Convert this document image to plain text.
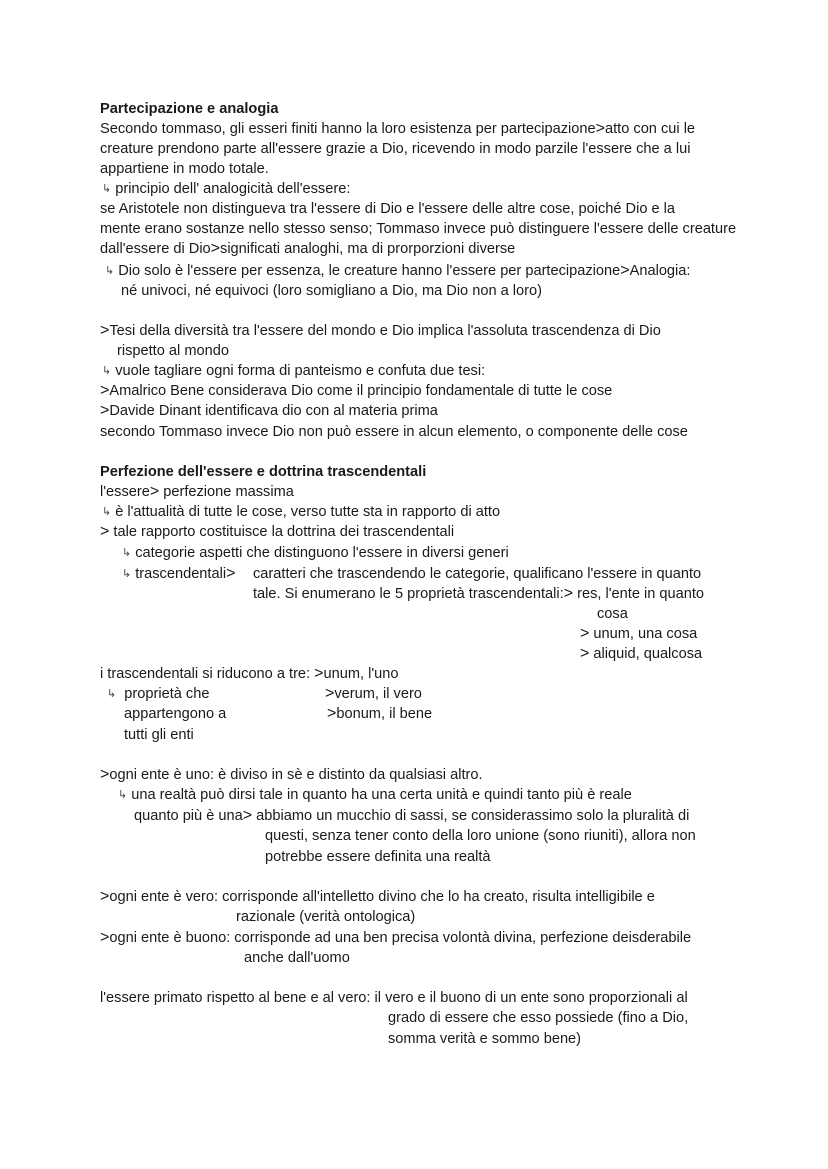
Partecipazione e analogia
Secondo tommaso, gli esseri finiti hanno la loro esistenza per partecipazione>atto con cui le
creature prendono parte all'essere grazie a Dio, ricevendo in modo parzile l'essere che a lui
appartiene in modo totale.
↳ principio dell' analogicità dell'essere:
se Aristotele non distingueva tra l'essere di Dio e l'essere delle altre cose, poiché Dio e la
mente erano sostanze nello stesso senso; Tommaso invece può distinguere l'essere delle creature
dall'essere di Dio>significati analoghi, ma di prorporzioni diverse
↳ Dio solo è l'essere per essenza, le creature hanno l'essere per partecipazione>Analogia:
né univoci, né equivoci (loro somigliano a Dio, ma Dio non a loro)
>Tesi della diversità tra l'essere del mondo e Dio implica l'assoluta trascendenza di Dio
rispetto al mondo
↳ vuole tagliare ogni forma di panteismo e confuta due tesi:
>Amalrico Bene considerava Dio come il principio fondamentale di tutte le cose
>Davide Dinant identificava dio con al materia prima
secondo Tommaso invece Dio non può essere in alcun elemento, o componente delle cose
Perfezione dell'essere e dottrina trascendentali
l'essere> perfezione massima
↳ è l'attualità di tutte le cose, verso tutte sta in rapporto di atto
> tale rapporto costituisce la dottrina dei trascendentali
↳ categorie aspetti che distinguono l'essere in diversi generi
↳ trascendentali> caratteri che trascendendo le categorie, qualificano l'essere in quanto
tale. Si enumerano le 5 proprietà trascendentali:> res, l'ente in quanto
cosa
> unum, una cosa
> aliquid, qualcosa
i trascendentali si riducono a tre: >unum, l'uno
↳ proprietà che	>verum, il vero
appartengono a	>bonum, il bene
tutti gli enti
>ogni ente è uno: è diviso in sè e distinto da qualsiasi altro.
↳ una realtà può dirsi tale in quanto ha una certa unità e quindi tanto più è reale
quanto più è una> abbiamo un mucchio di sassi, se considerassimo solo la pluralità di
questi, senza tener conto della loro unione (sono riuniti), allora non
potrebbe essere definita una realtà
>ogni ente è vero: corrisponde all'intelletto divino che lo ha creato, risulta intelligibile e
razionale (verità ontologica)
>ogni ente è buono: corrisponde ad una ben precisa volontà divina, perfezione deisderabile
anche dall'uomo
l'essere primato rispetto al bene e al vero: il vero e il buono di un ente sono proporzionali al
grado di essere che esso possiede (fino a Dio,
somma verità e sommo bene)
